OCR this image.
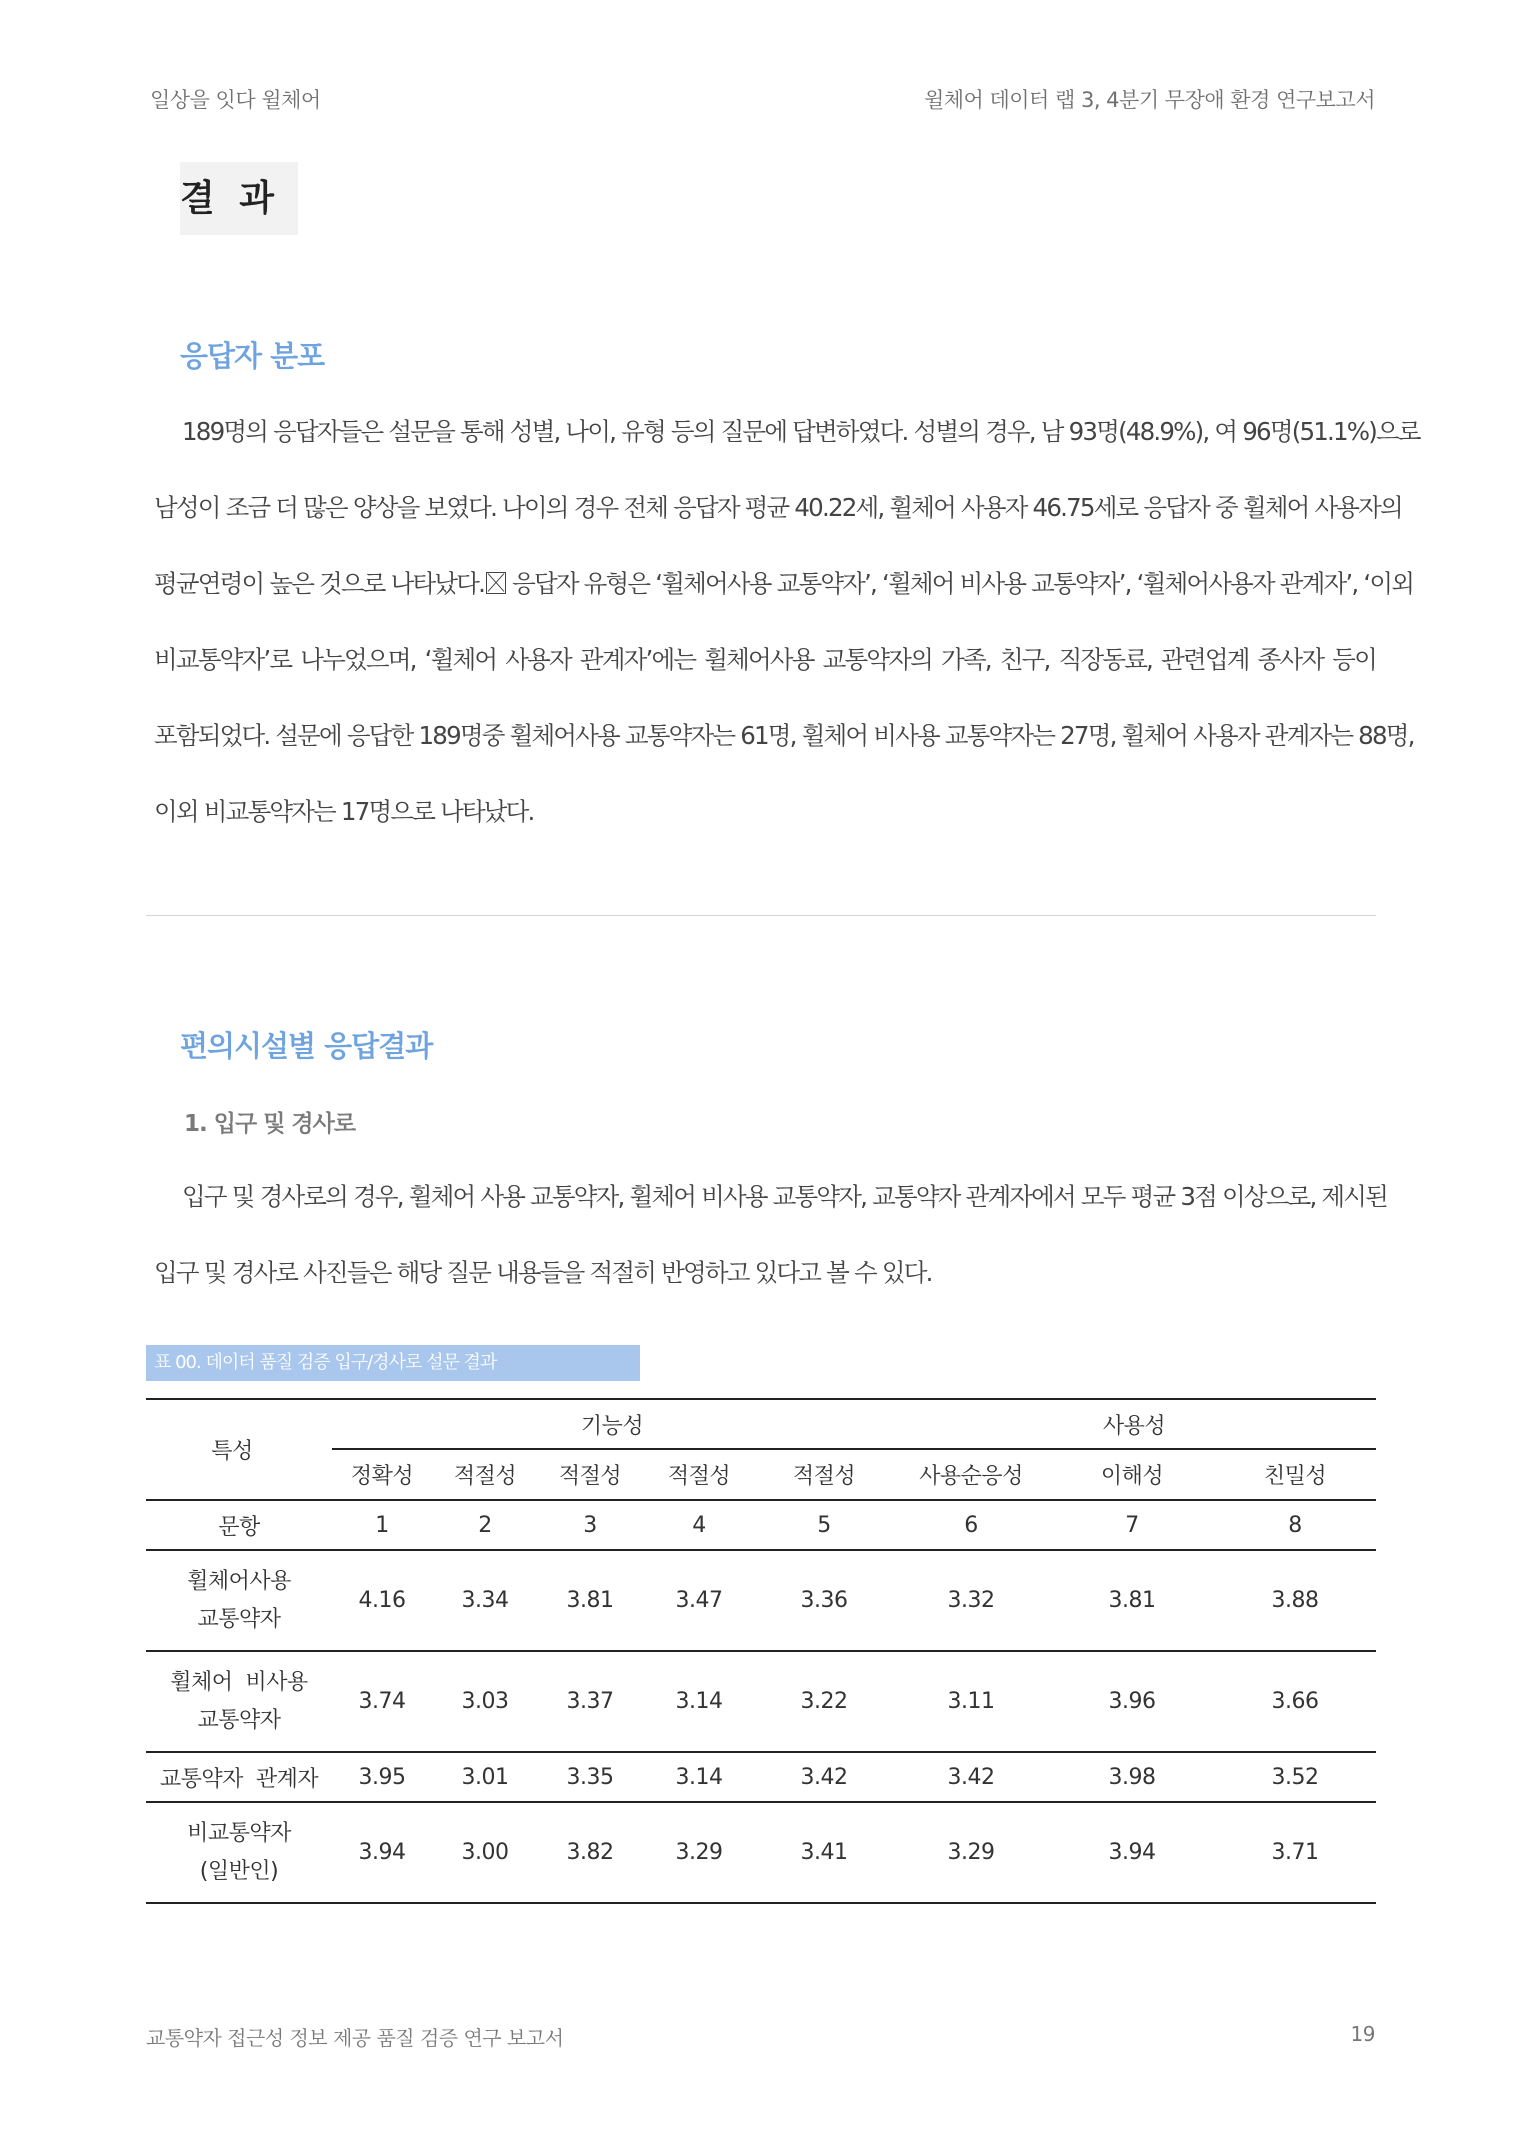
일상을 잇다 윌체어	윌체어 데이터 랩 3, 4분기 무장애 환경 연구보고서
결 과
응답자 분포
189명의 응답자들은 설문을 통해 성별, 나이, 유형 등의 질문에 답변하였다. 성별의 경우, 남 93명(48.9%), 여 96명(51.1%)으로
남성이 조금 더 많은 양상을 보였다. 나이의 경우 전체 응답자 평균 40.22세, 휠체어 사용자 46.75세로 응답자 중 휠체어 사용자의
평균연령이 높은 것으로 나타났다. 응답자 유형은 ‘휠체어사용 교통약자’, ‘휠체어 비사용 교통약자’, ‘휠체어사용자 관계자’, ‘이외
비교통약자’로 나누었으며, ‘휠체어 사용자 관계자’에는 휠체어사용 교통약자의 가족, 친구, 직장동료, 관련업계 종사자 등이
포함되었다. 설문에 응답한 189명중 휠체어사용 교통약자는 61명, 휠체어 비사용 교통약자는 27명, 휠체어 사용자 관계자는 88명,
이외 비교통약자는 17명으로 나타났다.
편의시설별 응답결과
1. 입구 및 경사로
입구 및 경사로의 경우, 휠체어 사용 교통약자, 휠체어 비사용 교통약자, 교통약자 관계자에서 모두 평균 3점 이상으로, 제시된
입구 및 경사로 사진들은 해당 질문 내용들을 적절히 반영하고 있다고 볼 수 있다.
표 00. 데이터 품질 검증 입구/경사로 설문 결과
특성		기능성					사용성		
		정확성	적절성	적절성	적절성	적절성	사용순응성	이해성	친밀성
문항		1	2	3	4	5	6	7	8

휠체어사용
교통약자		4.16	3.34	3.81	3.47	3.36	3.32	3.81	3.88

휠체어  비사용
교통약자		3.74	3.03	3.37	3.14	3.22	3.11	3.96	3.66
교통약자  관계자		3.95	3.01	3.35	3.14	3.42	3.42	3.98	3.52

비교통약자
(일반인)		3.94	3.00	3.82	3.29	3.41	3.29	3.94	3.71
교통약자 접근성 정보 제공 품질 검증 연구 보고서	19
